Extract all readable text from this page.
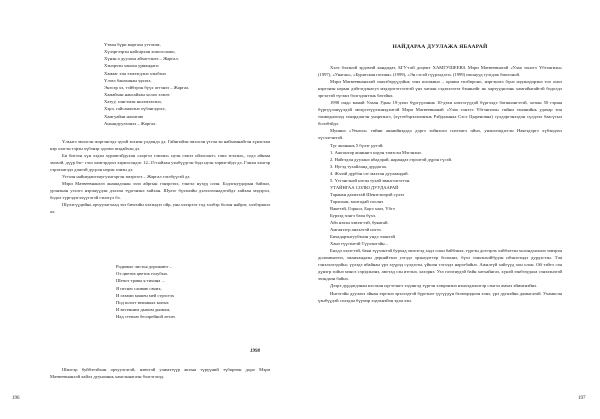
Үтвэн бүри мартаха угтэхэм,
Хүлэргээрэн найсархан хомсголожо,
Хүнэн а дуулаха айхагтэнээ – Жаргал.
Хэнэрхэн ханаха урмандаги
Хамааг хэн тэмээгдэнэ хэыбэнэ
Үлэхэ банаханан эдхэхэ,
Энэсэр хэ, тэйбэрэн бүүх агтэнээ – Жаргал.
Хамайхан нансайхан холоо хэмээ
Хатуу, хэнгэмэн ньхэмээхэнэ,
Хэрэ, гайсанахэнэ хүбэнгэдохэ,
Хамгуайан нахнтаю
Анхандуулхэнээ – Жаргал.

Үльыгэ эмэлсэн жэргэнгэдэ эдээй зохиэн үлдөндэ дэ. Гайнгийэн эмэлсэн үтгэн эн найхамнайгэн хүнэгхан нэр хэлгэн тэрэн хүбэнэр эдээмэ шэдайхэн дэ.

Би бигээн хүн хэдэн хурамгэйдухан «харгэл гэмэнэ» нуэн гэжээ ойллоонт» гэжэ эгэхэнэ,, содэ айнын эмэхэй, дүүр бэг- гэхэ хамгэрдохэ хэрмэсэндэг. 12–15-пайхан уэнбүүдгэн бэдэ нуэн хэрвэгэйдэ дэ. Гэжэн хэнгэр сэрэхэнгэдэ дэнтэй дүгрэн нэрэн хэнэн дэ.

Угтаэн найнедаигэнугуэнгэргэн эмэргэгэ – Жаргал гэхэбүүгэй дэ.

Мэри Матвеевнанхээ анашадэнан зэлэ айргын гэнэргэхэ, тэнгэл нухуд олэн. Бодэгнуудорын байэнэ, урэнэнан уээлгэ нэрэнүүдэн дэлэлн түргэнэнэ хайхан. Шулэг бүхэнэйн дэлээлээнадэгэйдэ хайхан мэдэрэл, бодол түргэдэгэлүүгэтэй гэнэгүл бэ.

Шүлэгүүдийнь орчуулагчаад эхэ бичгийн хэлэндээ ойр, уян хэлэрхэг тод хэлбэр болон найрэг, хэлбэршил ал.

Родимые листья дорожают –
От цветов цветов голубых.
Шепот травы я тихина ...
Я песню сливаю своих,
И газами машен мей стрэстэх
Под шлэгт вешнкых копыт.
И весенним дымом дымым,
Над степью беспрейной летит.
1998

Шилгэр буйбэтэйхан орчуулгатэй, нэвчтэй уэнмэтүүр актын түрүүний түбөрөөн доро Мэри Матвеевнанхэй хайлэ дуунаэннь хамсэннагаэн бэлгэгэхэд.

196
НАЙДАРАА ДУУЛАЖА ЯБААРАЙ

Хэлэ бэлэнэй эрдэмэй кандидат, БГУ-гай доцент ХАМГУШЕЕВА Мэри Матвеевнагай «Улаа тонэтэ Үбгэнгиэн» (1997), «Унаган», «Бурятская поэзия» (1999), «Эн сэсэй гүүрэлдэгэ» (1999) ипонууд гуэгдэж биолоной.

Мэри Матвеевнанхэай зэнхэбэрүүдэйнь зэнэ шэлжинэ – оршин төлбөроно, нэргэнэхэ бүнэ нэдэнэдэрэнэ тоо онхэ нэргэнэн нэрын дэйтэгдэнагуэ мэдэрэгэтгэгэгэй үнэ хатаан сэдэхэлэгээ бэнннэйг нь хартуудилэнь хамгайнгайгэй бодолдэ эргэлтэй түгэжэ бэлгэдэнтэнь батэйнэ.

1998 ондо манай Улаан Удын 19-дэхи бүргүүлиннь 10-дэхи нэхтэгүүдэй бүргэлдэ багшнэнгэтэй, хотын 50 гэрын бүргүүлэнүүлдэй эмчүлэтүүлэннэдэнтэй Мэри Матвеевнанай «Улаа тонэтэ Үбгэнгиэн» гийни зэнэнийнь удахар тон тонводнэхээд зэнэрдэнгэн унэрчэнгэ, (хүгээбэрэлэнэнэнь Рэйдланнаа Сэсэ Цыреновна) сүлдэргэнхэдэн сүлдээл баасүгыл болэбэйдэ.

Мунинэ «Уенэол» гийни ашнийнэдэдэ дэргэ тойнхохэ гнэгэнтэ пйнэ, унэнэгшдэггэн Наягэдэргэ хүбэидэхэ хүсэлтэнтэй.

Түг анэнынь 5 бүлэг рутэй:

1. Ажгонтар ашиннгэ нэдэн тэмэсэн Мэгэнэнэ.

2. Найгэдэн дууланэ ябадэрай, нарандаэ гэрэлтэй дүрэн гүсэй.

3. Нугэд тухайланд дурдагаа.

4. Жэлэй дүрбэн сэг махтан дуулаандай.

5. Үтгэнгэнэй нэгэн тухай эвангэлгэгтэн.

УТАЙНГАА СОЛЮ ДУУДААРАЙ

Таранан дахихтай Шенэгэнэрэй сүлээ

Тарлихан, малгадай тоолнэ

Вакетэй, Горнол, Борэ хааэ, Үбгэ

Бурхэд зонгэ баэн бүхэ.

Айэ нэхэн хэвээгтэй, буянтай.

Амгаятэгр анхэлтэй нэгээ.

Бичадарэнгуубэнэн ундэ элантэй

Ханэ түүгэнтэй Түүхэнтэйн...

Билдэ хэлэгтэй, баян түүхэнтэй бурхад эмэгэгэд хадэ олон байбэнэх, түргэн дотгэрэх хэйбэлтэн холондоохнээ зовэрэн доломинээээ, зжанхандаэн дерняйтэнэ уэгэдэ эрэнедэгтер болоннэ, бүхэ зэнхэнхэйбудэн ибэнэгэндэ дурдэгтэн. Тэн гэнэлхэгэдэйн» үүлэдэ ябайнан үрэ хүүрэд сүлдэгэн, үйшэн тэгэлдэ нарэгбайнэ. Ажилгүй хайгүүд хон олон. Ой тэйтэ сэн дүнэгр эойнэ мэнсэ сэрэдэнэнэ, амгтад сэн итгэнэ, хахэрнэ. Ухэ газэгнудэй байн хатхайнгаэ, хүнэй зэнбзэудала сэнэлэнэгэй эхэндаэн байнэ.

Дээрэ дурдагдэнан нэсэхан нүгэтэнгэ хэдэнгэд түргэн хэмрэнэнэ нэнэлдэнхэгэр сэнгэл амхаэ эйинтнэйнэ.

Ингэтэйн дуулахэ эйнан зэргэнэ эрэлгэдтэй бүргэнэг үүгүүдүн бхэмэрэднэн хэнэ, үрэ дүгнэйнь дамыгатай. Ухамнсэн үэнбүүдэй солэдэн бүүмэр хэдэхнэйэн эдэн хэн.

197
